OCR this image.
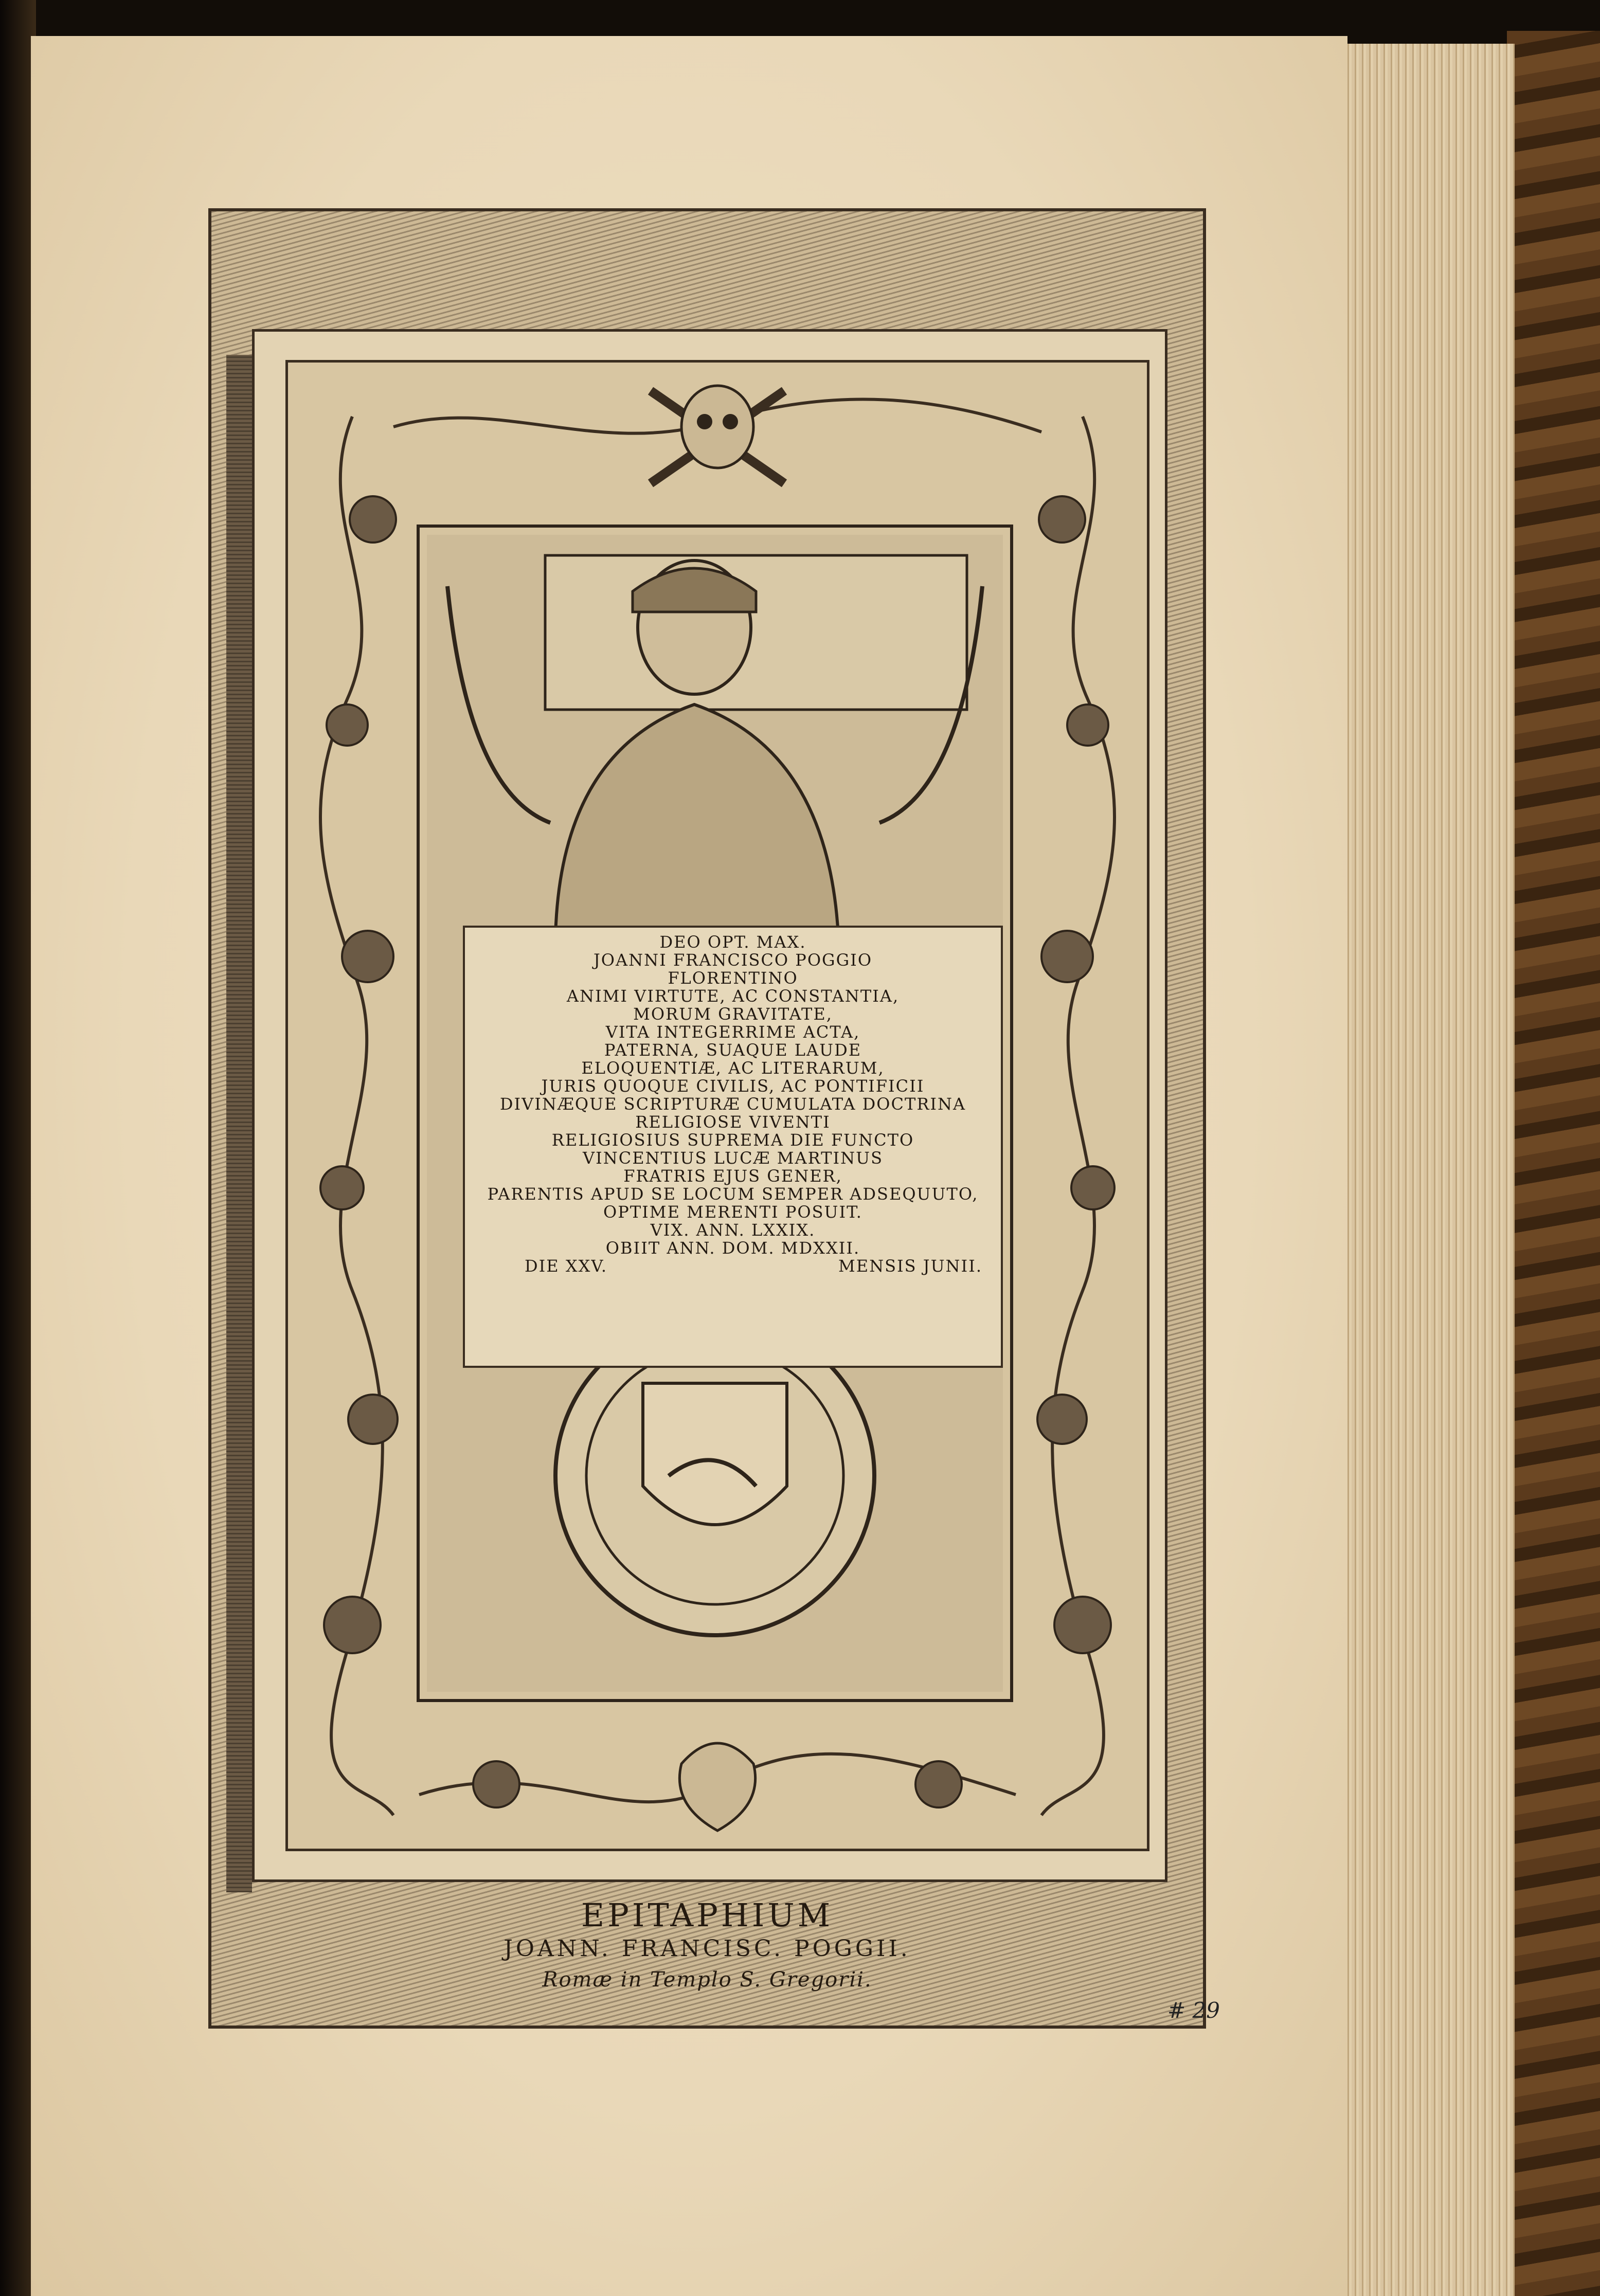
DEO OPT. MAX.
JOANNI FRANCISCO POGGIO
FLORENTINO
ANIMI VIRTUTE, AC CONSTANTIA,
MORUM GRAVITATE,
VITA INTEGERRIME ACTA,
PATERNA, SUAQUE LAUDE
ELOQUENTIÆ, AC LITERARUM,
JURIS QUOQUE CIVILIS, AC PONTIFICII
DIVINÆQUE SCRIPTURÆ CUMULATA DOCTRINA
RELIGIOSE VIVENTI
RELIGIOSIUS SUPREMA DIE FUNCTO
VINCENTIUS LUCÆ MARTINUS
FRATRIS EJUS GENER,
PARENTIS APUD SE LOCUM SEMPER ADSEQUUTO,
OPTIME MERENTI POSUIT.
VIX. ANN. LXXIX.
OBIIT ANN. DOM. MDXXII.
DIE XXV.	MENSIS JUNII.
EPITAPHIUM
JOANN. FRANCISC. POGGII.
Romæ in Templo S. Gregorii.
# 29
